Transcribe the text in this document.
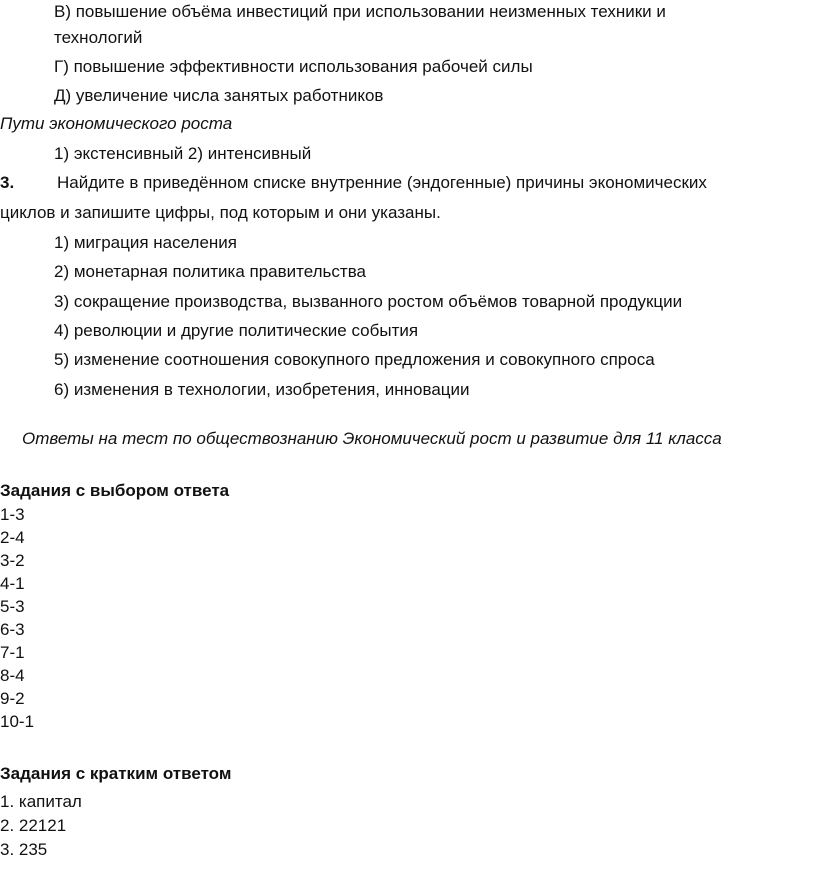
В) повышение объёма инвестиций при использовании неизменных техники и
технологий
Г) повышение эффективности использования рабочей силы
Д) увеличение числа занятых работников
Пути экономического роста
1) экстенсивный 2) интенсивный
3.	Найдите в приведённом списке внутренние (эндогенные) причины экономических
циклов и запишите цифры, под которым и они указаны.
1) миграция населения
2) монетарная политика правительства
3) сокращение производства, вызванного ростом объёмов товарной продукции
4) революции и другие политические события
5) изменение соотношения совокупного предложения и совокупного спроса
6) изменения в технологии, изобретения, инновации
Ответы на тест по обществознанию Экономический рост и развитие для 11 класса
Задания с выбором ответа
1-3
2-4
3-2
4-1
5-3
6-3
7-1
8-4
9-2
10-1
Задания с кратким ответом
1. капитал
2. 22121
3. 235
